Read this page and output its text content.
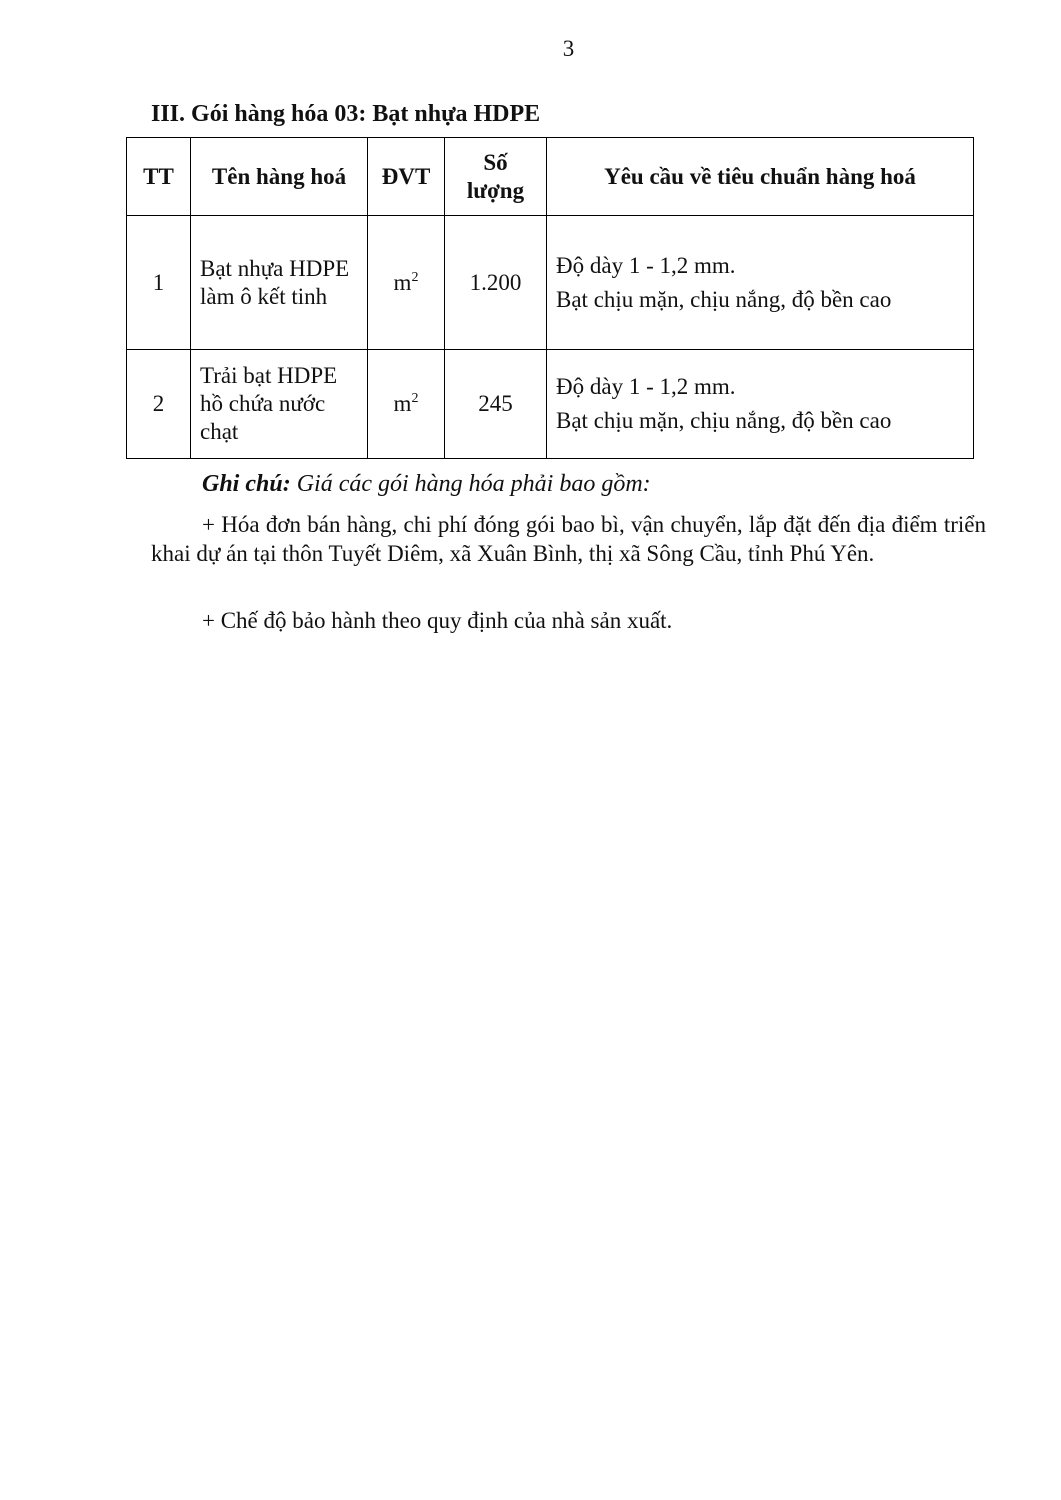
3
III. Gói hàng hóa 03: Bạt nhựa HDPE
TT	Tên hàng hoá	ĐVT	Số lượng	Yêu cầu về tiêu chuẩn hàng hoá
1	Bạt nhựa HDPE làm ô kết tinh	$m^2$	1.200	Độ dày 1 - 1,2 mm.
Bạt chịu mặn, chịu nắng, độ bền cao

2	Trải bạt HDPE hồ chứa nước chạt	$m^2$	245	Độ dày 1 - 1,2 mm.
Bạt chịu mặn, chịu nắng, độ bền cao
Ghi chú: Giá các gói hàng hóa phải bao gồm:
+ Hóa đơn bán hàng, chi phí đóng gói bao bì, vận chuyển, lắp đặt đến địa điểm triển khai dự án tại thôn Tuyết Diêm, xã Xuân Bình, thị xã Sông Cầu, tỉnh Phú Yên.
+ Chế độ bảo hành theo quy định của nhà sản xuất.
